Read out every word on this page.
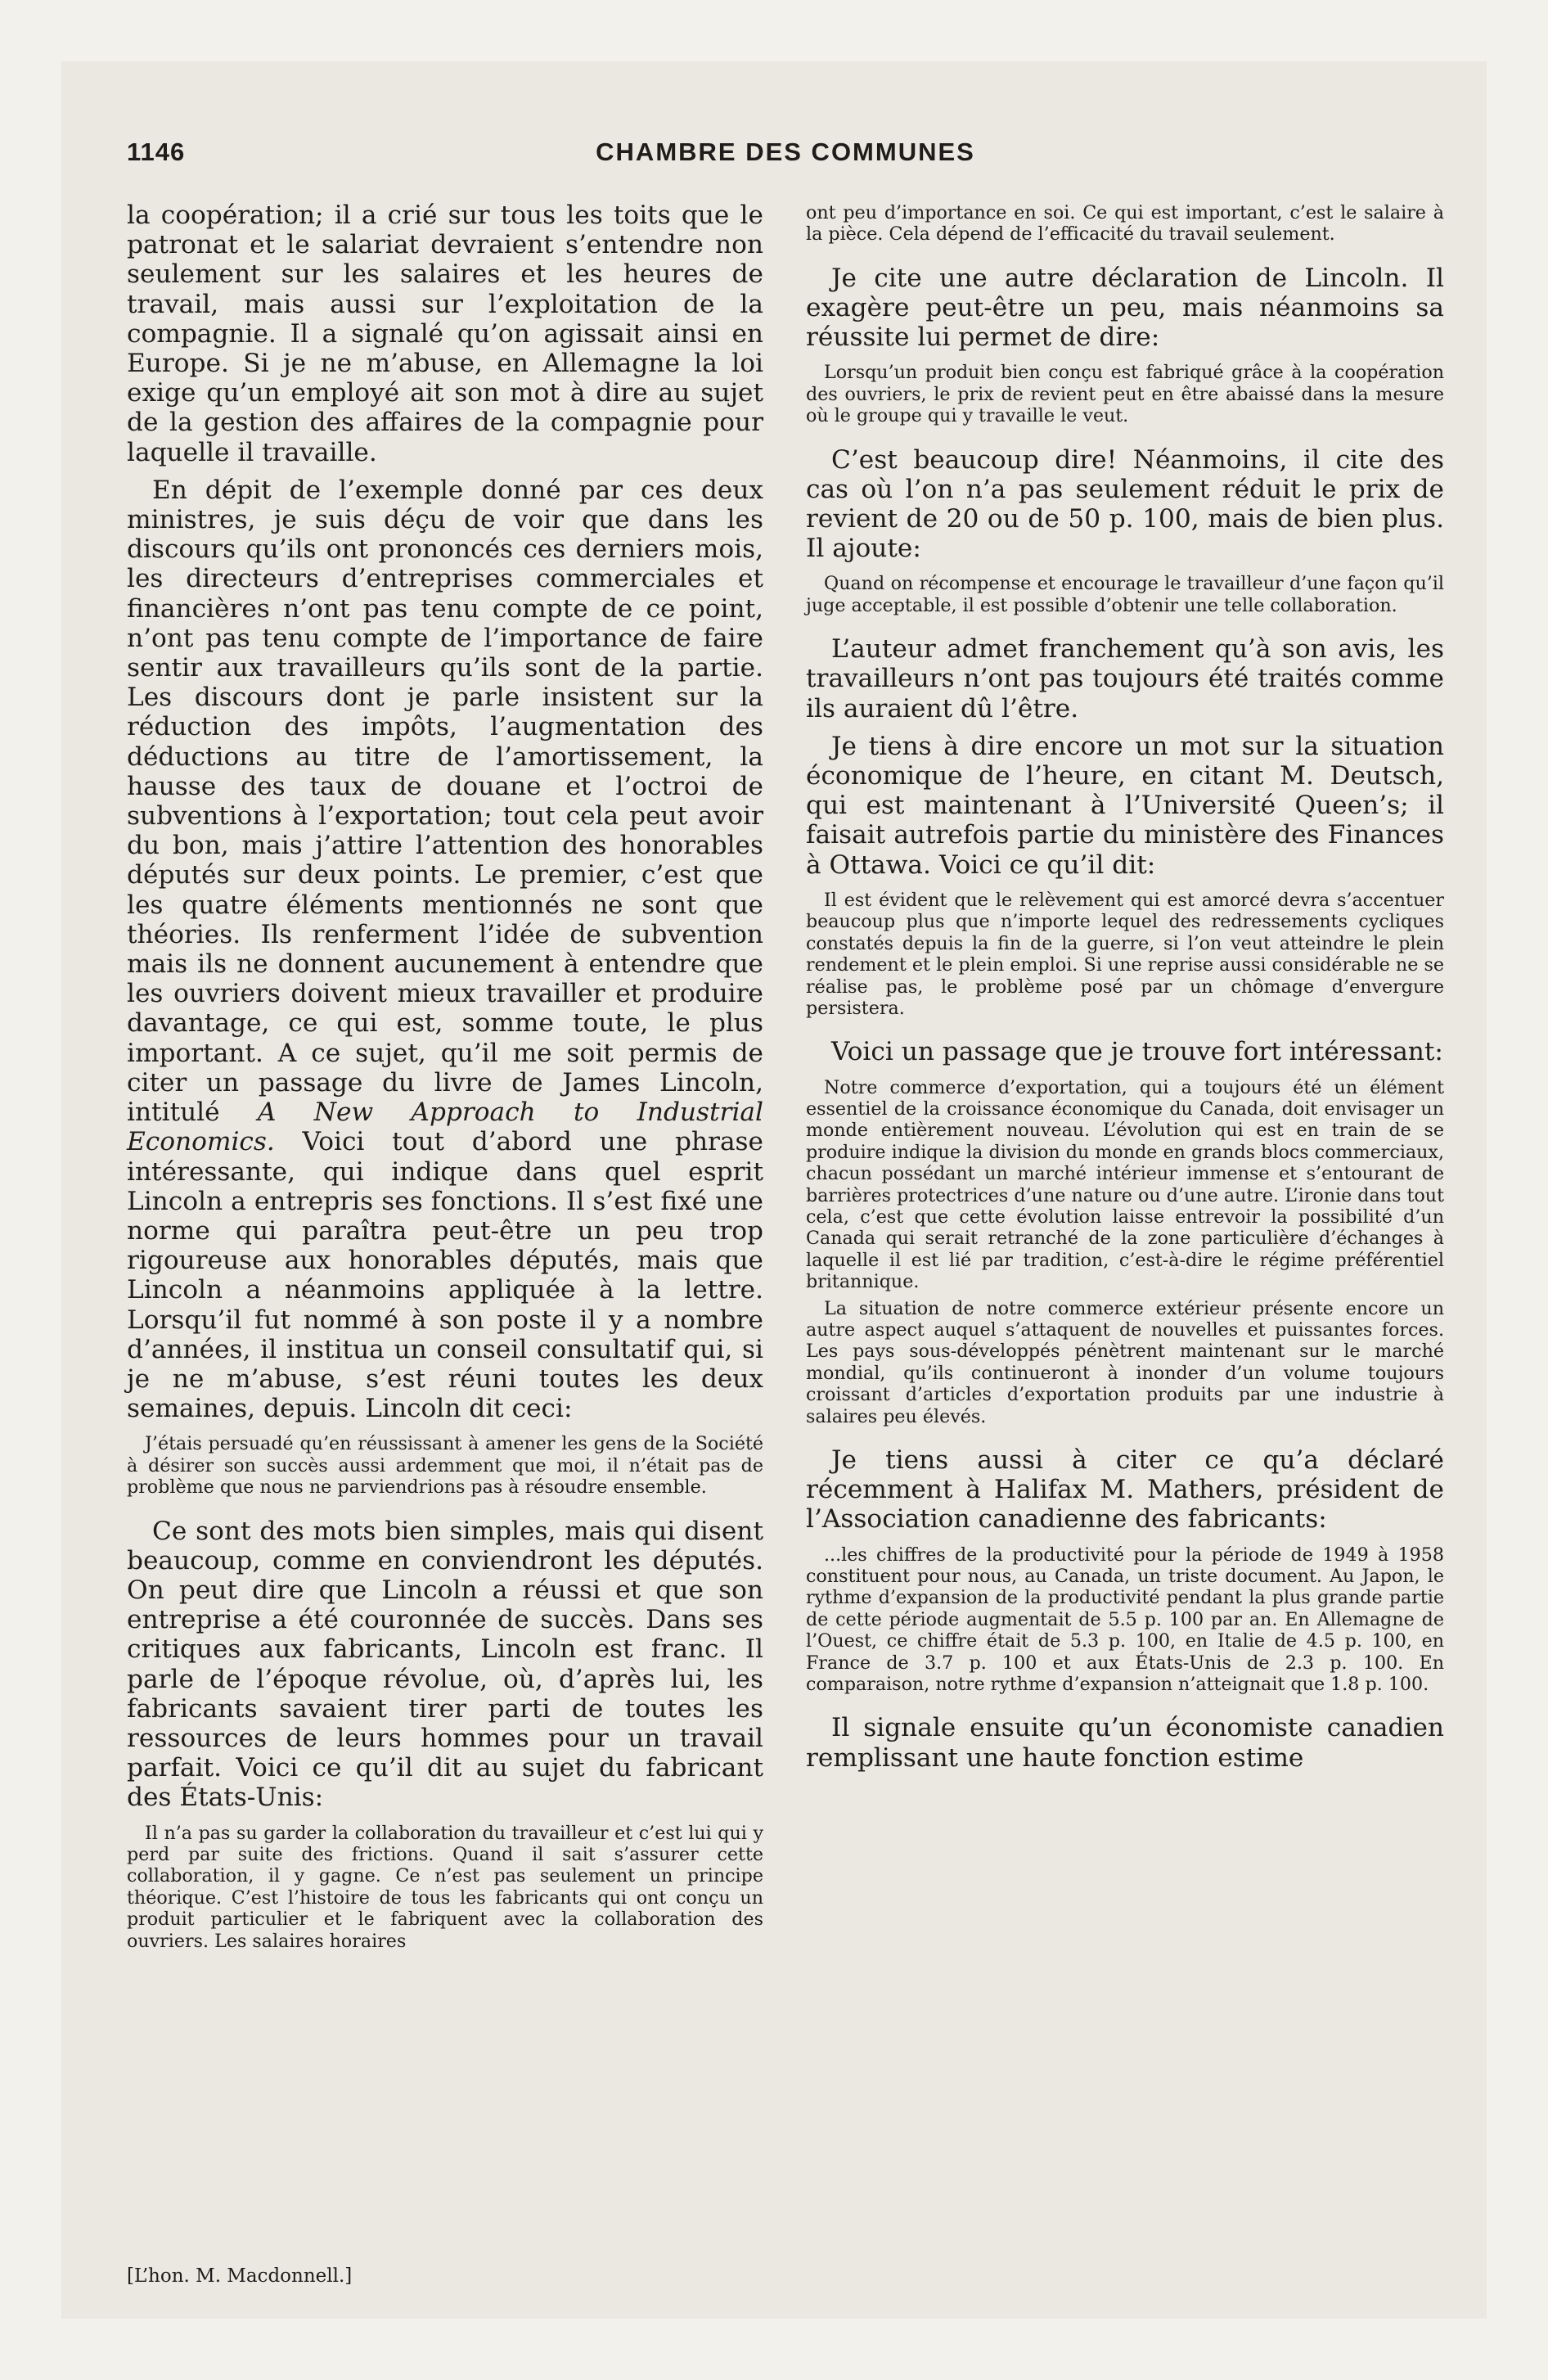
CHAMBRE DES COMMUNES
1146

la coopération; il a crié sur tous les toits que le patronat et le salariat devraient s’entendre non seulement sur les salaires et les heures de travail, mais aussi sur l’exploitation de la compagnie. Il a signalé qu’on agissait ainsi en Europe. Si je ne m’abuse, en Allemagne la loi exige qu’un employé ait son mot à dire au sujet de la gestion des affaires de la compagnie pour laquelle il travaille.

En dépit de l’exemple donné par ces deux ministres, je suis déçu de voir que dans les discours qu’ils ont prononcés ces derniers mois, les directeurs d’entreprises commerciales et financières n’ont pas tenu compte de ce point, n’ont pas tenu compte de l’importance de faire sentir aux travailleurs qu’ils sont de la partie. Les discours dont je parle insistent sur la réduction des impôts, l’augmentation des déductions au titre de l’amortissement, la hausse des taux de douane et l’octroi de subventions à l’exportation; tout cela peut avoir du bon, mais j’attire l’attention des honorables députés sur deux points. Le premier, c’est que les quatre éléments mentionnés ne sont que théories. Ils renferment l’idée de subvention mais ils ne donnent aucunement à entendre que les ouvriers doivent mieux travailler et produire davantage, ce qui est, somme toute, le plus important. A ce sujet, qu’il me soit permis de citer un passage du livre de James Lincoln, intitulé A New Approach to Industrial Economics. Voici tout d’abord une phrase intéressante, qui indique dans quel esprit Lincoln a entrepris ses fonctions. Il s’est fixé une norme qui paraîtra peut-être un peu trop rigoureuse aux honorables députés, mais que Lincoln a néanmoins appliquée à la lettre. Lorsqu’il fut nommé à son poste il y a nombre d’années, il institua un conseil consultatif qui, si je ne m’abuse, s’est réuni toutes les deux semaines, depuis. Lincoln dit ceci:

J’étais persuadé qu’en réussissant à amener les gens de la Société à désirer son succès aussi ardemment que moi, il n’était pas de problème que nous ne parviendrions pas à résoudre ensemble.

Ce sont des mots bien simples, mais qui disent beaucoup, comme en conviendront les députés. On peut dire que Lincoln a réussi et que son entreprise a été couronnée de succès. Dans ses critiques aux fabricants, Lincoln est franc. Il parle de l’époque révolue, où, d’après lui, les fabricants savaient tirer parti de toutes les ressources de leurs hommes pour un travail parfait. Voici ce qu’il dit au sujet du fabricant des États-Unis:

Il n’a pas su garder la collaboration du travailleur et c’est lui qui y perd par suite des frictions. Quand il sait s’assurer cette collaboration, il y gagne. Ce n’est pas seulement un principe théorique. C’est l’histoire de tous les fabricants qui ont conçu un produit particulier et le fabriquent avec la collaboration des ouvriers. Les salaires horaires

ont peu d’importance en soi. Ce qui est important, c’est le salaire à la pièce. Cela dépend de l’efficacité du travail seulement.

Je cite une autre déclaration de Lincoln. Il exagère peut-être un peu, mais néanmoins sa réussite lui permet de dire:

Lorsqu’un produit bien conçu est fabriqué grâce à la coopération des ouvriers, le prix de revient peut en être abaissé dans la mesure où le groupe qui y travaille le veut.

C’est beaucoup dire! Néanmoins, il cite des cas où l’on n’a pas seulement réduit le prix de revient de 20 ou de 50 p. 100, mais de bien plus. Il ajoute:

Quand on récompense et encourage le travailleur d’une façon qu’il juge acceptable, il est possible d’obtenir une telle collaboration.

L’auteur admet franchement qu’à son avis, les travailleurs n’ont pas toujours été traités comme ils auraient dû l’être.

Je tiens à dire encore un mot sur la situation économique de l’heure, en citant M. Deutsch, qui est maintenant à l’Université Queen’s; il faisait autrefois partie du ministère des Finances à Ottawa. Voici ce qu’il dit:

Il est évident que le relèvement qui est amorcé devra s’accentuer beaucoup plus que n’importe lequel des redressements cycliques constatés depuis la fin de la guerre, si l’on veut atteindre le plein rendement et le plein emploi. Si une reprise aussi considérable ne se réalise pas, le problème posé par un chômage d’envergure persistera.

Voici un passage que je trouve fort intéressant:

Notre commerce d’exportation, qui a toujours été un élément essentiel de la croissance économique du Canada, doit envisager un monde entièrement nouveau. L’évolution qui est en train de se produire indique la division du monde en grands blocs commerciaux, chacun possédant un marché intérieur immense et s’entourant de barrières protectrices d’une nature ou d’une autre. L’ironie dans tout cela, c’est que cette évolution laisse entrevoir la possibilité d’un Canada qui serait retranché de la zone particulière d’échanges à laquelle il est lié par tradition, c’est-à-dire le régime préférentiel britannique.

La situation de notre commerce extérieur présente encore un autre aspect auquel s’attaquent de nouvelles et puissantes forces. Les pays sous-développés pénètrent maintenant sur le marché mondial, qu’ils continueront à inonder d’un volume toujours croissant d’articles d’exportation produits par une industrie à salaires peu élevés.

Je tiens aussi à citer ce qu’a déclaré récemment à Halifax M. Mathers, président de l’Association canadienne des fabricants:

...les chiffres de la productivité pour la période de 1949 à 1958 constituent pour nous, au Canada, un triste document. Au Japon, le rythme d’expansion de la productivité pendant la plus grande partie de cette période augmentait de 5.5 p. 100 par an. En Allemagne de l’Ouest, ce chiffre était de 5.3 p. 100, en Italie de 4.5 p. 100, en France de 3.7 p. 100 et aux États-Unis de 2.3 p. 100. En comparaison, notre rythme d’expansion n’atteignait que 1.8 p. 100.

Il signale ensuite qu’un économiste canadien remplissant une haute fonction estime

[L’hon. M. Macdonnell.]
